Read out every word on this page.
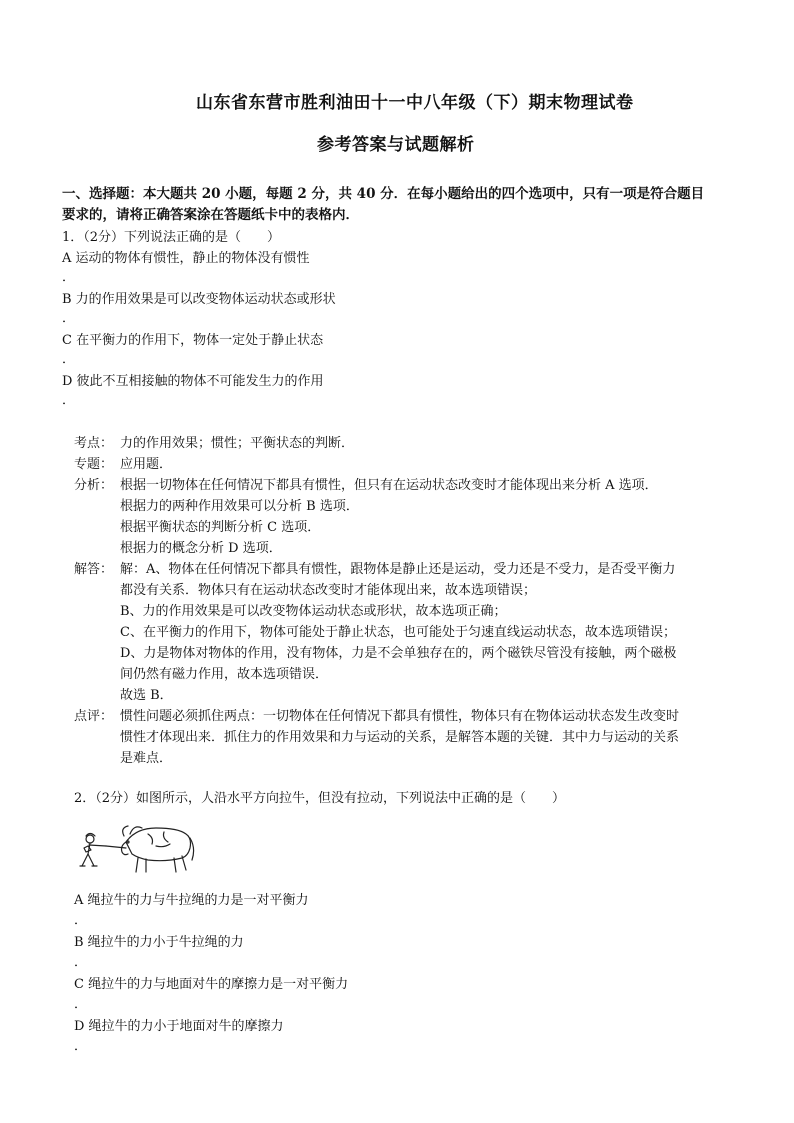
山东省东营市胜利油田十一中八年级（下）期末物理试卷
参考答案与试题解析
一、选择题：本大题共 20 小题，每题 2 分，共 40 分．在每小题给出的四个选项中，只有一项是符合题目
要求的，请将正确答案涂在答题纸卡中的表格内．
1．（2分）下列说法正确的是（　　）
A 运动的物体有惯性，静止的物体没有惯性
．
B 力的作用效果是可以改变物体运动状态或形状
．
C 在平衡力的作用下，物体一定处于静止状态
．
D 彼此不互相接触的物体不可能发生力的作用
．
考点： 力的作用效果；惯性；平衡状态的判断．
专题： 应用题．
分析： 根据一切物体在任何情况下都具有惯性，但只有在运动状态改变时才能体现出来分析 A 选项．
根据力的两种作用效果可以分析 B 选项．
根据平衡状态的判断分析 C 选项．
根据力的概念分析 D 选项．
解答： 解：A、物体在任何情况下都具有惯性，跟物体是静止还是运动，受力还是不受力，是否受平衡力
都没有关系．物体只有在运动状态改变时才能体现出来，故本选项错误；
B、力的作用效果是可以改变物体运动状态或形状，故本选项正确；
C、在平衡力的作用下，物体可能处于静止状态，也可能处于匀速直线运动状态，故本选项错误；
D、力是物体对物体的作用，没有物体，力是不会单独存在的，两个磁铁尽管没有接触，两个磁极
间仍然有磁力作用，故本选项错误．
故选 B．
点评： 惯性问题必须抓住两点：一切物体在任何情况下都具有惯性，物体只有在物体运动状态发生改变时
惯性才体现出来．抓住力的作用效果和力与运动的关系，是解答本题的关键．其中力与运动的关系
是难点．
2．（2分）如图所示，人沿水平方向拉牛，但没有拉动，下列说法中正确的是（　　）
A 绳拉牛的力与牛拉绳的力是一对平衡力
．
B 绳拉牛的力小于牛拉绳的力
．
C 绳拉牛的力与地面对牛的摩擦力是一对平衡力
．
D 绳拉牛的力小于地面对牛的摩擦力
．
